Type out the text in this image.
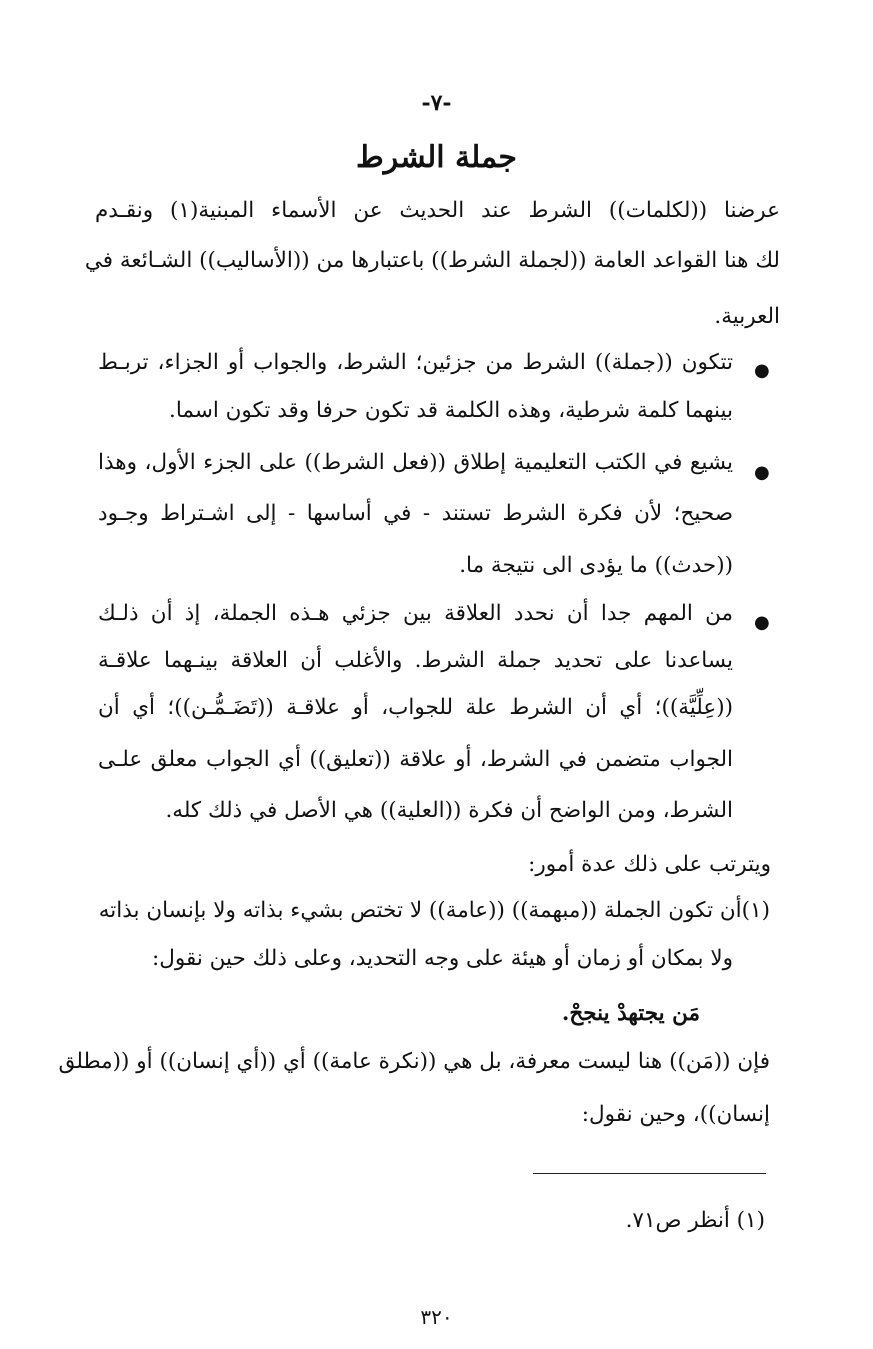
-٧-
جملة الشرط
عرضنا ((لكلمات)) الشرط عند الحديث عن الأسماء المبنية(١) ونقـدم
لك هنا القواعد العامة ((لجملة الشرط)) باعتبارها من ((الأساليب)) الشـائعة في
العربية.
●
تتكون ((جملة)) الشرط من جزئين؛ الشرط، والجواب أو الجزاء، تربـط
بينهما كلمة شرطية، وهذه الكلمة قد تكون حرفا وقد تكون اسما.
●
يشيع في الكتب التعليمية إطلاق ((فعل الشرط)) على الجزء الأول، وهذا
صحيح؛ لأن فكرة الشرط تستند - في أساسها - إلى اشـتراط وجـود
((حدث)) ما يؤدى الى نتيجة ما.
●
من المهم جدا أن نحدد العلاقة بين جزئي هـذه الجملة، إذ أن ذلـك
يساعدنا على تحديد جملة الشرط. والأغلب أن العلاقة بينـهما علاقـة
((عِلِّيَّة))؛ أي أن الشرط علة للجواب، أو علاقـة ((تَضَـمُّـن))؛ أي أن
الجواب متضمن في الشرط، أو علاقة ((تعليق)) أي الجواب معلق علـى
الشرط، ومن الواضح أن فكرة ((العلية)) هي الأصل في ذلك كله.
ويترتب على ذلك عدة أمور:
(١)أن تكون الجملة ((مبهمة)) ((عامة)) لا تختص بشيء بذاته ولا بإنسان بذاته
ولا بمكان أو زمان أو هيئة على وجه التحديد، وعلى ذلك حين نقول:
مَن يجتهدْ ينجحْ.
فإن ((مَن)) هنا ليست معرفة، بل هي ((نكرة عامة)) أي ((أي إنسان)) أو ((مطلق
إنسان))، وحين نقول:
(١) أنظر ص٧١.
٣٢٠
